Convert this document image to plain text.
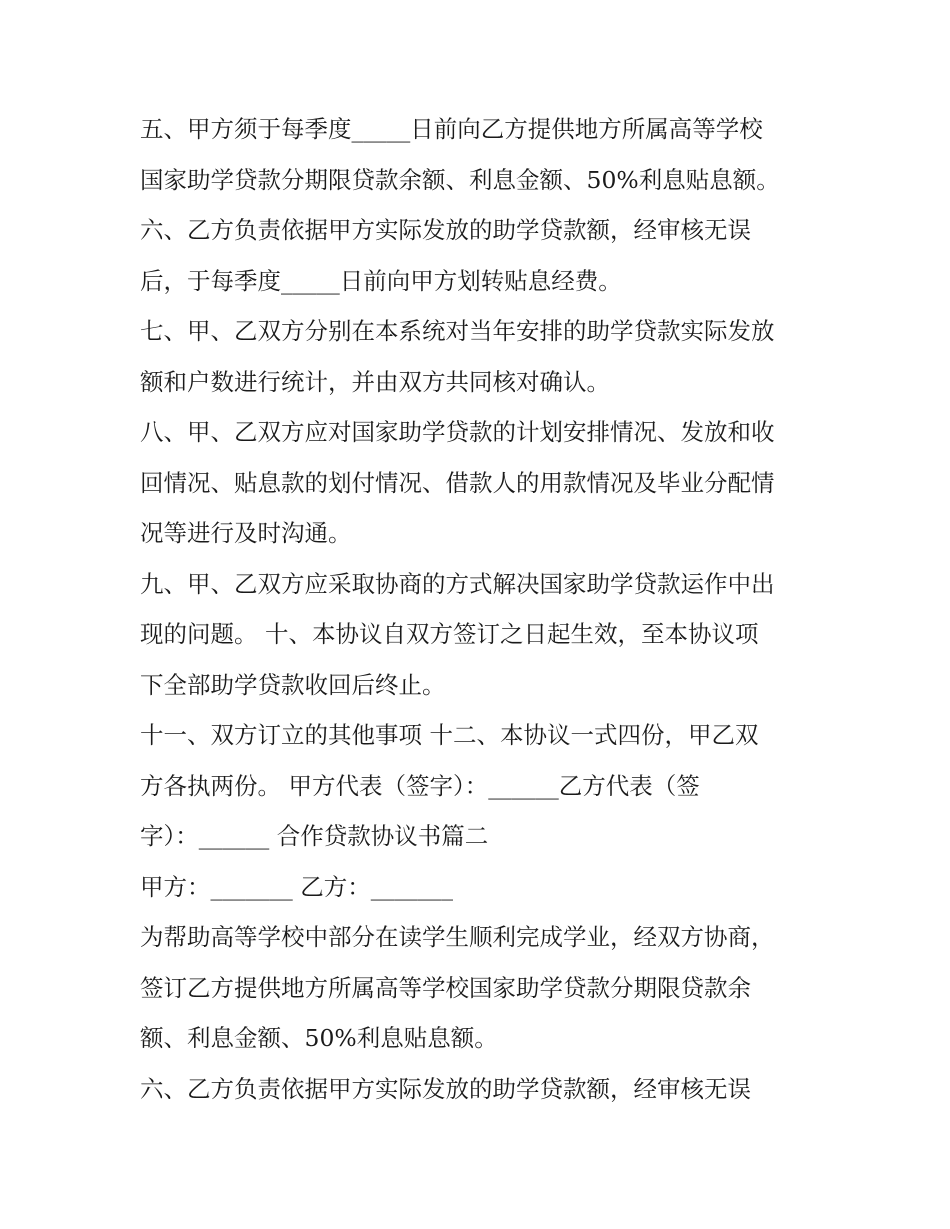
五、甲方须于每季度_____日前向乙方提供地方所属高等学校
国家助学贷款分期限贷款余额、利息金额、50%利息贴息额。
六、乙方负责依据甲方实际发放的助学贷款额，经审核无误
后，于每季度_____日前向甲方划转贴息经费。
七、甲、乙双方分别在本系统对当年安排的助学贷款实际发放
额和户数进行统计，并由双方共同核对确认。
八、甲、乙双方应对国家助学贷款的计划安排情况、发放和收
回情况、贴息款的划付情况、借款人的用款情况及毕业分配情
况等进行及时沟通。
九、甲、乙双方应采取协商的方式解决国家助学贷款运作中出
现的问题。 十、本协议自双方签订之日起生效，至本协议项
下全部助学贷款收回后终止。
十一、双方订立的其他事项 十二、本协议一式四份，甲乙双
方各执两份。 甲方代表（签字）：______乙方代表（签
字）：______ 合作贷款协议书篇二
甲方：_______ 乙方：_______
为帮助高等学校中部分在读学生顺利完成学业，经双方协商，
签订乙方提供地方所属高等学校国家助学贷款分期限贷款余
额、利息金额、50%利息贴息额。
六、乙方负责依据甲方实际发放的助学贷款额，经审核无误
